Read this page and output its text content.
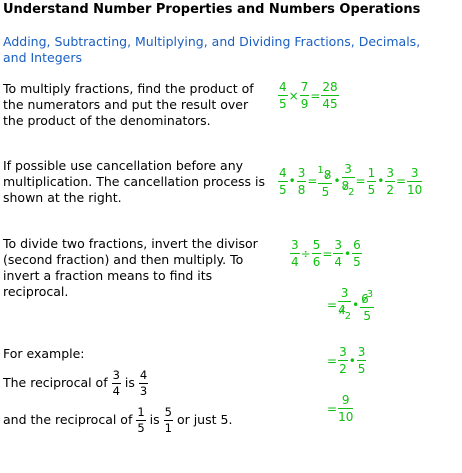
Understand Number Properties and Numbers Operations
Adding, Subtracting, Multiplying, and Dividing Fractions, Decimals, and Integers
To multiply fractions, find the product of the numerators and put the result over the product of the denominators.
If possible use cancellation before any multiplication. The cancellation process is shown at the right.
To divide two fractions, invert the divisor (second fraction) and then multiply. To invert a fraction means to find its reciprocal.
For example:
$\frac{4}{5} \times \frac{7}{9} = \frac{28}{45}$
$\frac{4}{5}$ • $\frac{3}{8} = \frac{^18}{5}$ • $\frac{3}{8_2} = \frac{1}{5}$ • $\frac{3}{2} = \frac{3}{10}$
$\frac{3}{4} \div \frac{5}{6} = \frac{3}{4}$ • $\frac{6}{5}$
= $\frac{3}{4_2}$ • $\frac{6^3}{5}$
= $\frac{3}{2}$ • $\frac{3}{5}$
= $\frac{9}{10}$
The reciprocal of $\frac{3}{4}$ is $\frac{4}{3}$
and the reciprocal of $\frac{1}{5}$ is $\frac{5}{1}$ or just 5.
